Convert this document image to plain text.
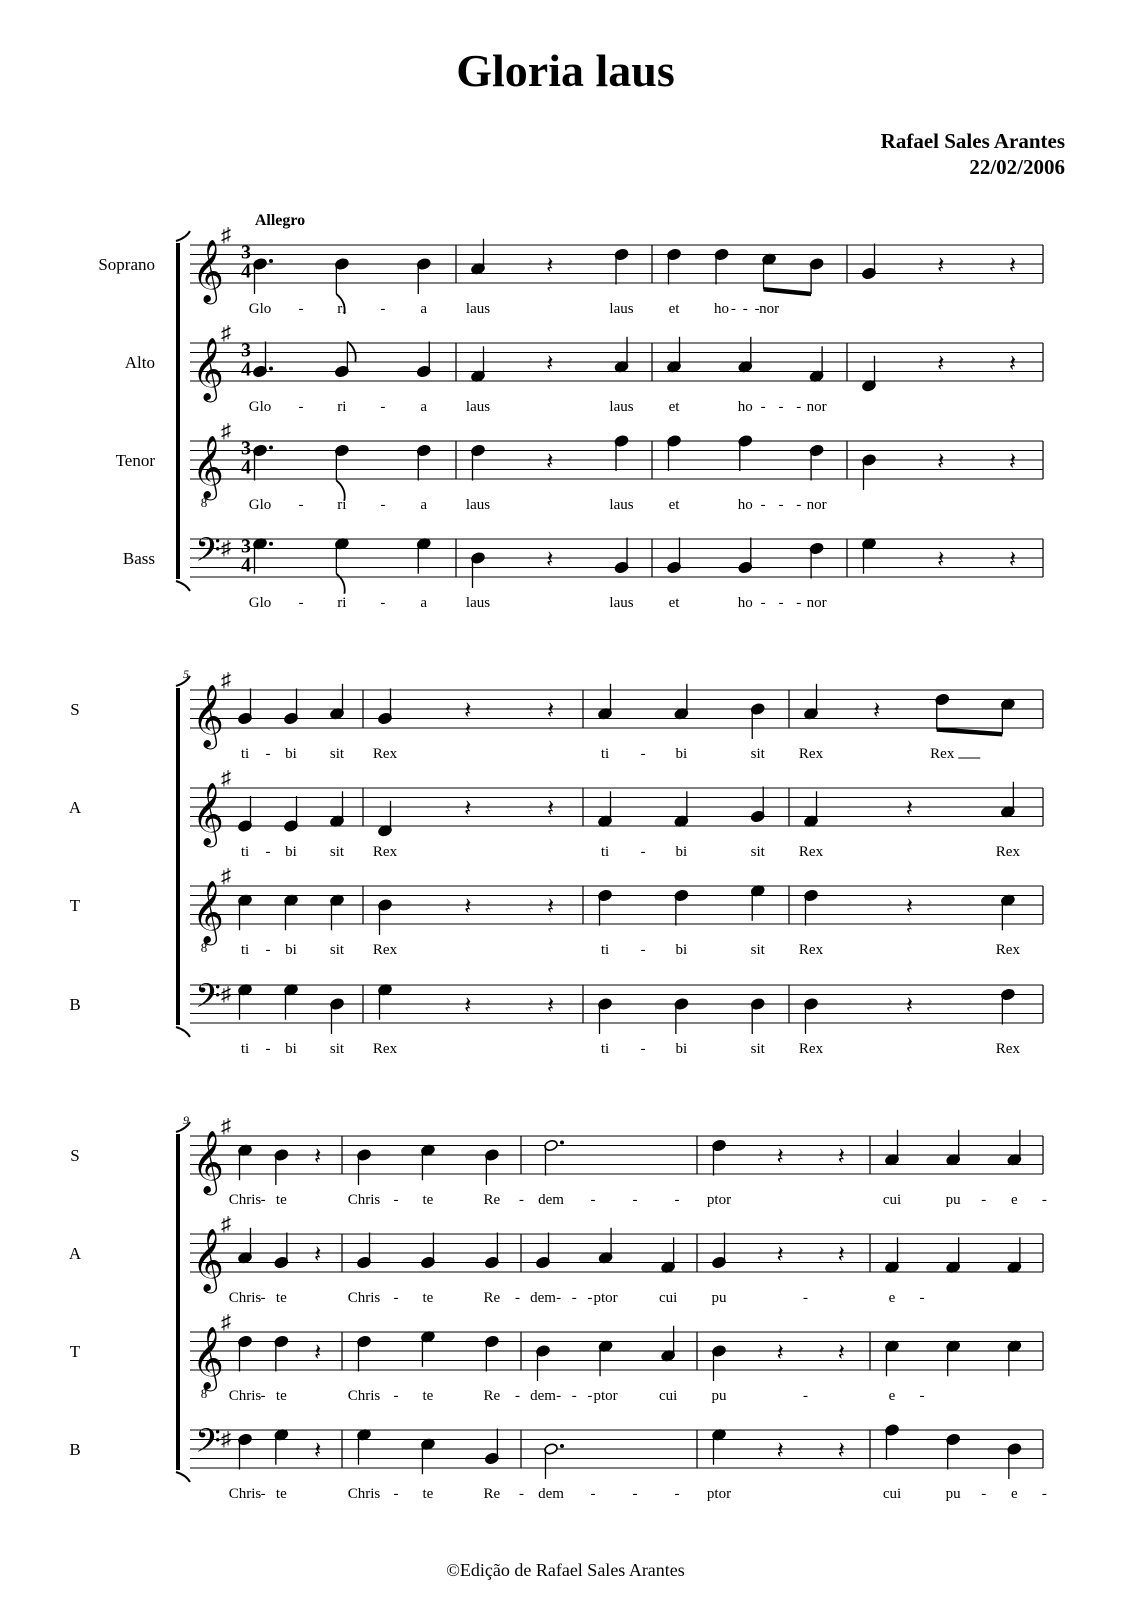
Gloria laus
Rafael Sales Arantes
22/02/2006
Soprano 𝄞
♯
3
4	𝄽	𝄽	𝄽
Glo - ri - a	laus	laus et ho - - - nor
Alto 𝄞
♯
3
4	𝄽	𝄽	𝄽
Glo - ri - a	laus	laus et	ho - - - nor
Tenor 𝄞
8
♯
3
4	𝄽	𝄽	𝄽
Glo - ri - a	laus	laus et	ho - - - nor
Bass 𝄢 ♯ 3
4	𝄽	𝄽	𝄽
Glo - ri - a	laus	laus et	ho - - - nor
Allegro
5
S 𝄞
♯
𝄽	𝄽	𝄽
ti - bi sit Rex	ti - bi	sit Rex	Rex
A 𝄞
♯
𝄽	𝄽	𝄽
ti - bi sit Rex	ti - bi	sit Rex	Rex
T 𝄞
8
♯
𝄽	𝄽	𝄽
ti - bi sit Rex	ti - bi	sit Rex	Rex
B	𝄢 ♯	𝄽	𝄽	𝄽
ti - bi sit Rex	ti - bi	sit Rex	Rex
9
S 𝄞
♯
𝄽	𝄽 𝄽
Chris - te	Chris - te	Re - dem - - - ptor	cui	pu - e -
A 𝄞
♯
𝄽	𝄽 𝄽
Chris - te	Chris - te	Re - dem - - - ptor	cui pu	-	e -
T 𝄞
8
♯
𝄽	𝄽 𝄽
Chris - te	Chris - te	Re - dem - - - ptor	cui pu	-	e -
B	𝄢 ♯	𝄽	𝄽 𝄽
Chris - te	Chris - te	Re - dem - - - ptor	cui	pu - e -
©Edição de Rafael Sales Arantes
